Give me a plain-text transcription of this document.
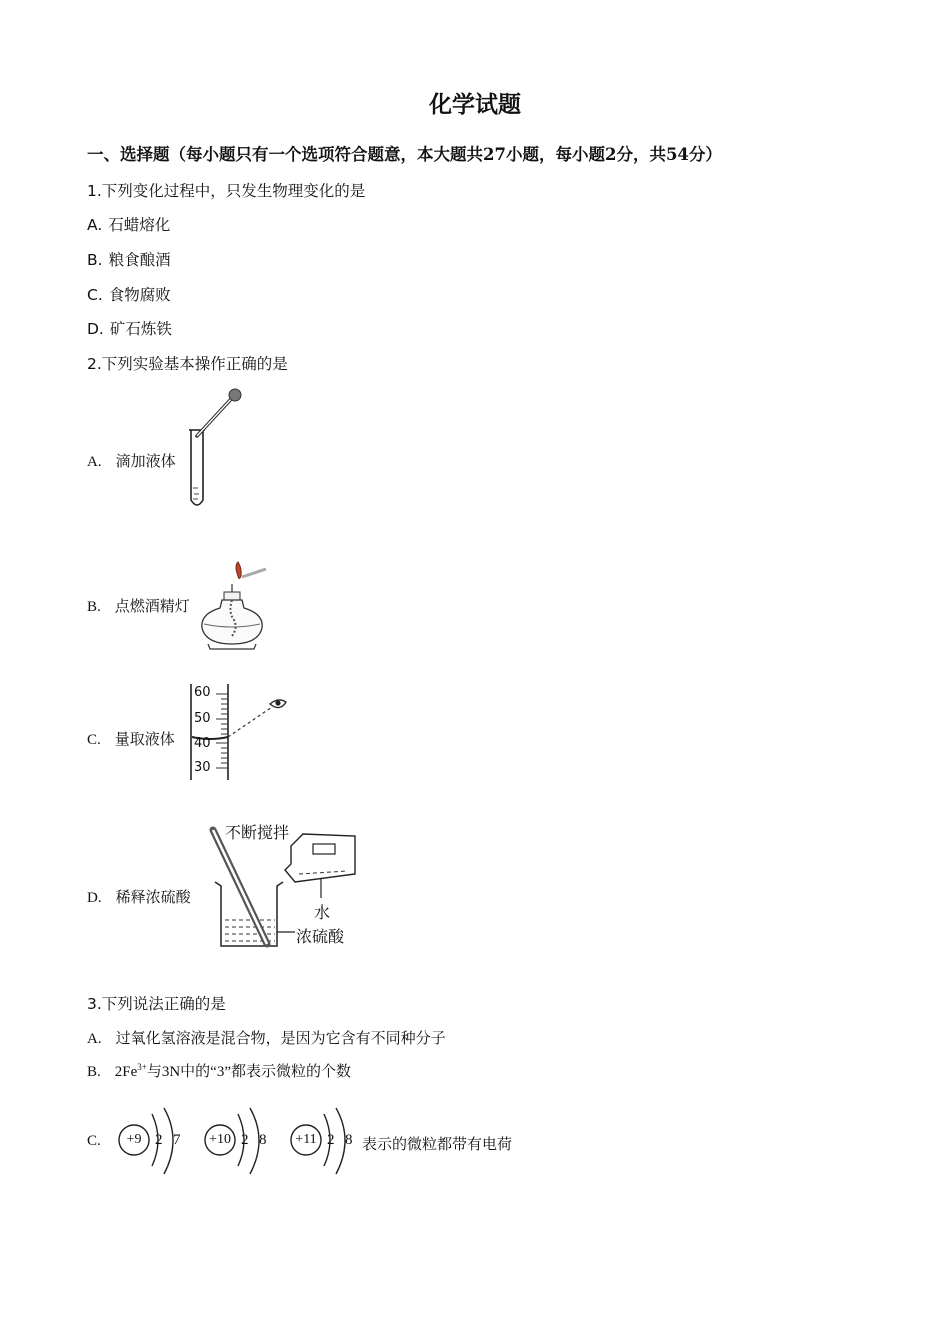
化学试题
一、选择题（每小题只有一个选项符合题意，本大题共27小题，每小题2分，共54分）
1.下列变化过程中，只发生物理变化的是
A. 石蜡熔化
B. 粮食酿酒
C. 食物腐败
D. 矿石炼铁
2.下列实验基本操作正确的是
A. 滴加液体
B. 点燃酒精灯
C. 量取液体
60
50
40
30
D. 稀释浓硫酸
不断搅拌
水
浓硫酸
3.下列说法正确的是
A. 过氧化氢溶液是混合物，是因为它含有不同种分子
B. $2Fe^{3+}$与3N中的“3”都表示微粒的个数
C.	表示的微粒都带有电荷
+9 2 7 +10 2 8	+11 2 8
